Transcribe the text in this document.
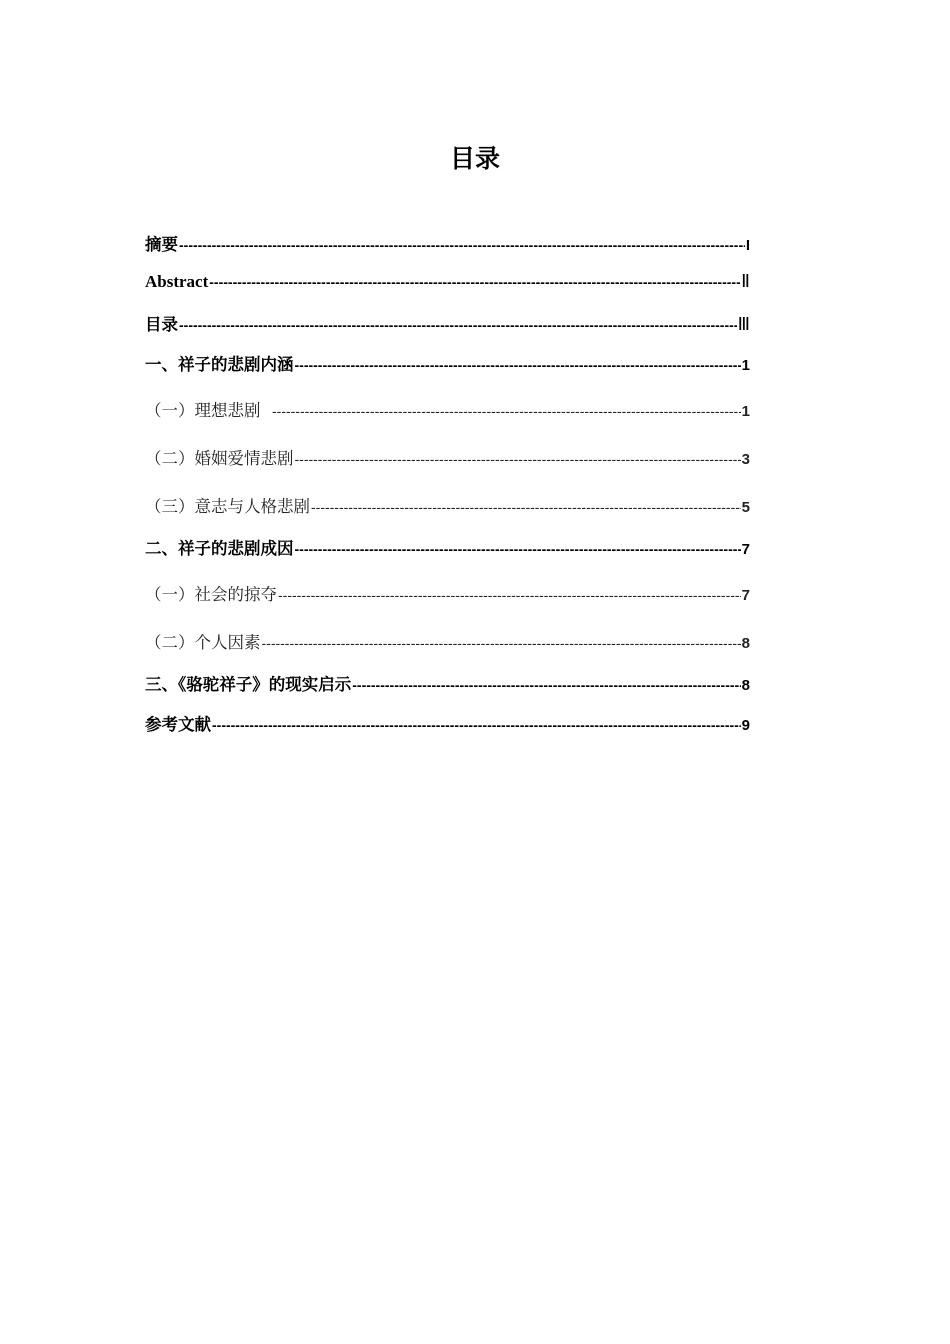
目录
摘要 -----	I
Abstract -----	Ⅱ
目录 -----	Ⅲ
一、祥子的悲剧内涵 -----	1
（一）理想悲剧 -----	1
（二）婚姻爱情悲剧 -----	3
（三）意志与人格悲剧 -----	5
二、祥子的悲剧成因 -----	7
（一）社会的掠夺 -----	7
（二）个人因素 -----	8
三、《骆驼祥子》的现实启示 -----	8
参考文献 -----	9
